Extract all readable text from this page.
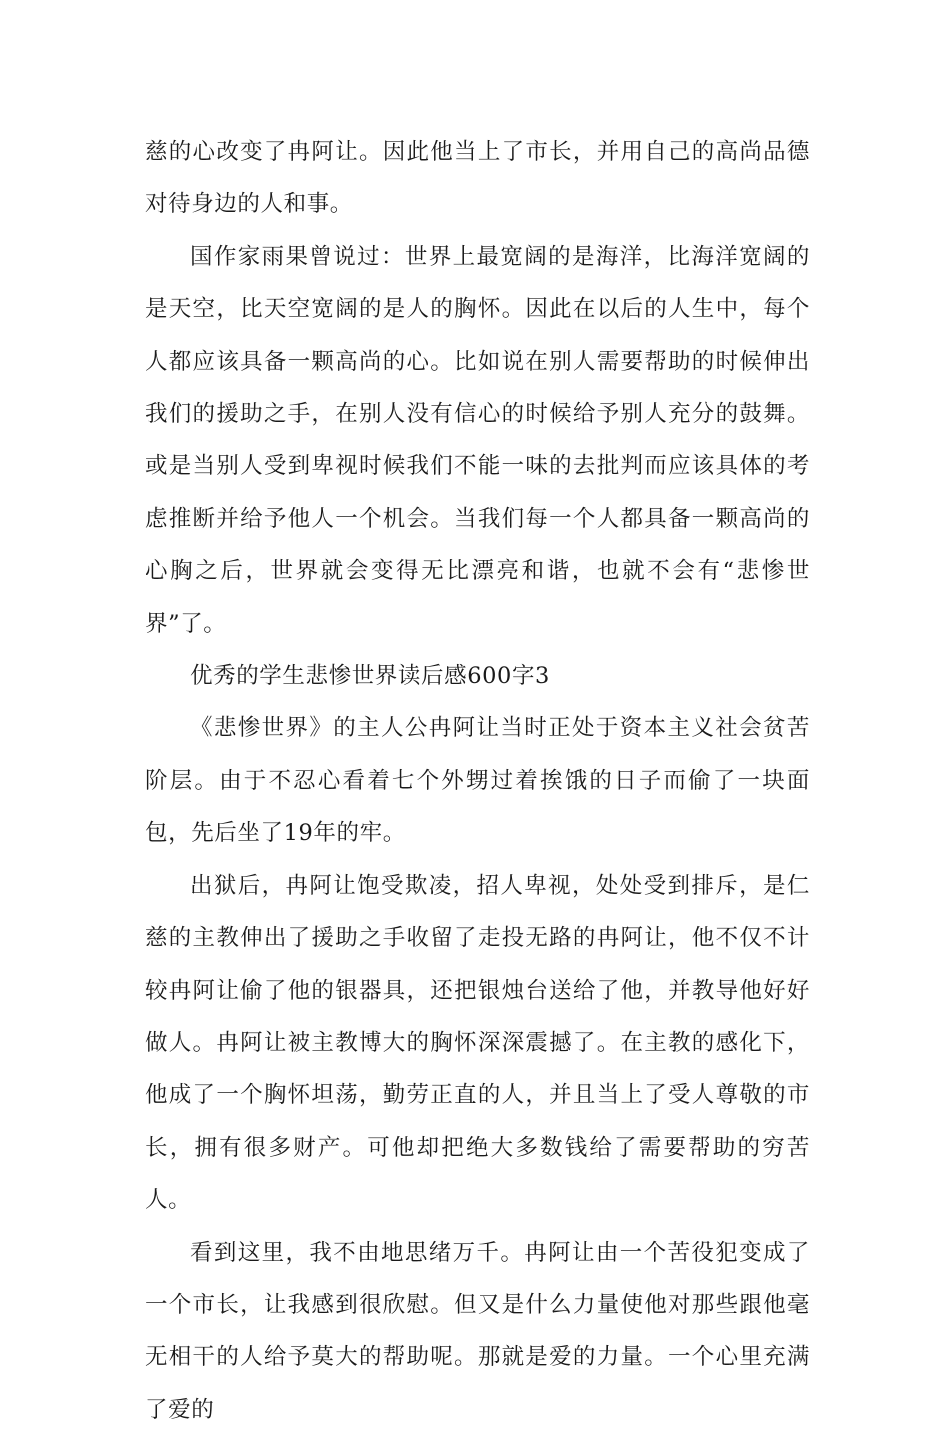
慈的心改变了冉阿让。因此他当上了市长，并用自己的高尚品德对待身边的人和事。

国作家雨果曾说过：世界上最宽阔的是海洋，比海洋宽阔的是天空，比天空宽阔的是人的胸怀。因此在以后的人生中，每个人都应该具备一颗高尚的心。比如说在别人需要帮助的时候伸出我们的援助之手，在别人没有信心的时候给予别人充分的鼓舞。或是当别人受到卑视时候我们不能一味的去批判而应该具体的考虑推断并给予他人一个机会。当我们每一个人都具备一颗高尚的心胸之后，世界就会变得无比漂亮和谐，也就不会有“悲惨世界”了。

优秀的学生悲惨世界读后感600字3

《悲惨世界》的主人公冉阿让当时正处于资本主义社会贫苦阶层。由于不忍心看着七个外甥过着挨饿的日子而偷了一块面包，先后坐了19年的牢。

出狱后，冉阿让饱受欺凌，招人卑视，处处受到排斥，是仁慈的主教伸出了援助之手收留了走投无路的冉阿让，他不仅不计较冉阿让偷了他的银器具，还把银烛台送给了他，并教导他好好做人。冉阿让被主教博大的胸怀深深震撼了。在主教的感化下，他成了一个胸怀坦荡，勤劳正直的人，并且当上了受人尊敬的市长，拥有很多财产。可他却把绝大多数钱给了需要帮助的穷苦人。

看到这里，我不由地思绪万千。冉阿让由一个苦役犯变成了一个市长，让我感到很欣慰。但又是什么力量使他对那些跟他毫无相干的人给予莫大的帮助呢。那就是爱的力量。一个心里充满了爱的
